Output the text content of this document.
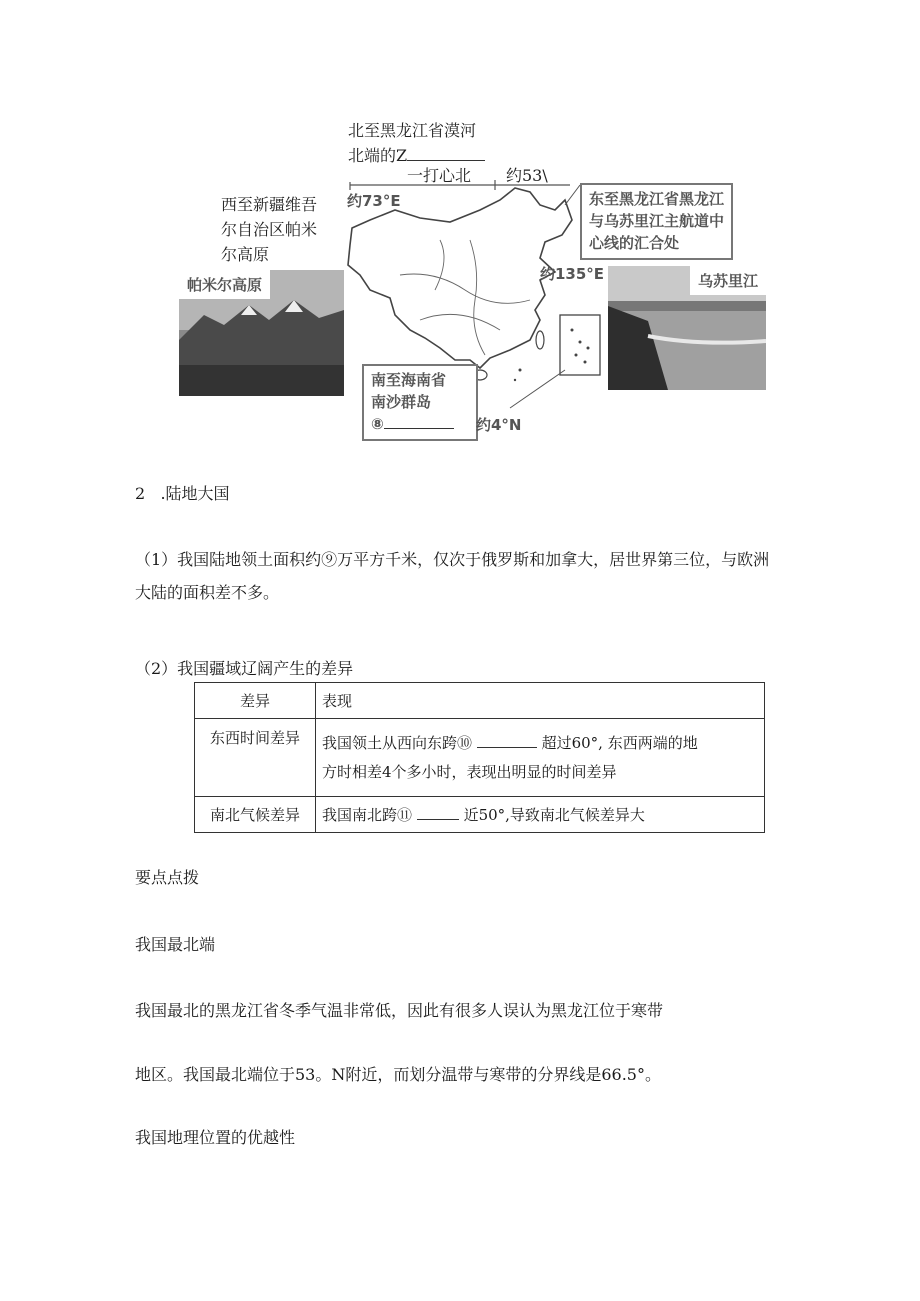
北至黑龙江省漠河
北端的Z
一打心北 约53\
西至新疆维吾
尔自治区帕米
尔高原
约73°E
约135°E
东至黑龙江省黑龙江
与乌苏里江主航道中
心线的汇合处
南至海南省
南沙群岛
⑧	约4°N
帕米尔高原	乌苏里江
2   .陆地大国
（1）我国陆地领土面积约⑨万平方千米，仅次于俄罗斯和加拿大，居世界第三位，与欧洲大陆的面积差不多。
（2）我国疆域辽阔产生的差异
差异	表现
东西时间差异	我国领土从西向东跨⑩ 超过60°, 东西两端的地
方时相差4个多小时，表现出明显的时间差异
南北气候差异	我国南北跨⑪ 近50°,导致南北气候差异大
要点点拨
我国最北端
我国最北的黑龙江省冬季气温非常低，因此有很多人误认为黑龙江位于寒带
地区。我国最北端位于53。N附近，而划分温带与寒带的分界线是66.5°。
我国地理位置的优越性
